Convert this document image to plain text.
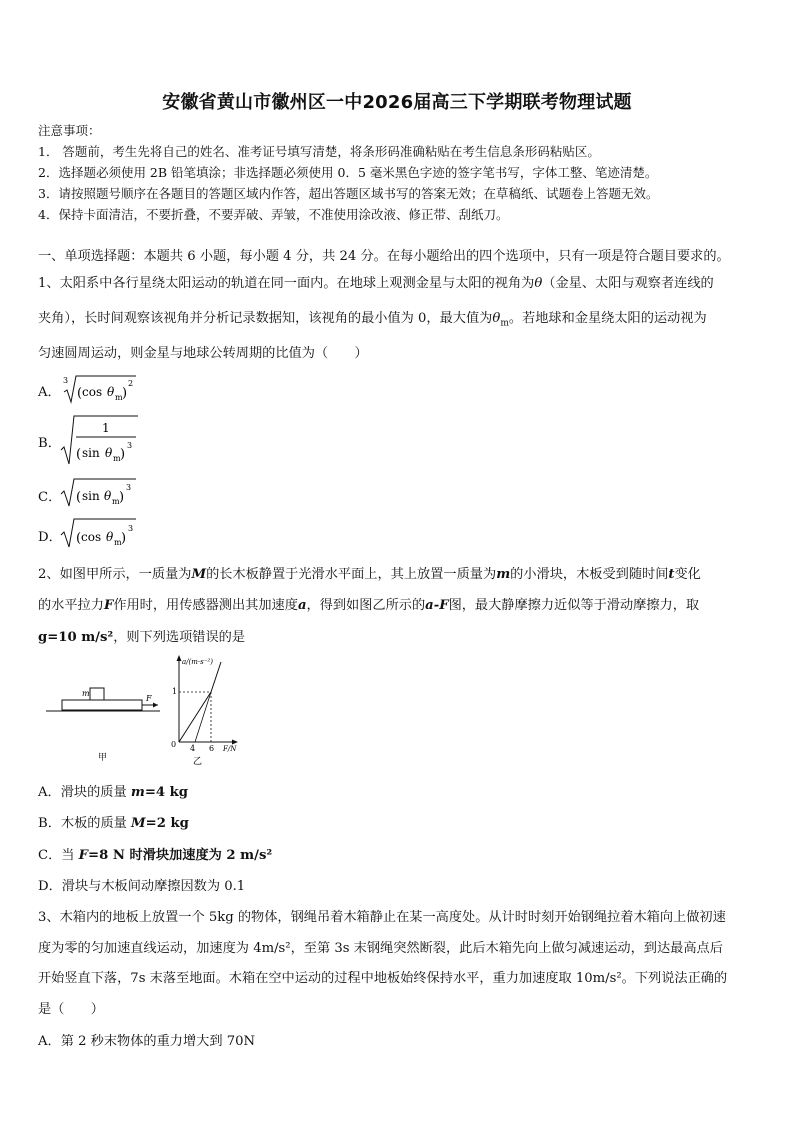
安徽省黄山市徽州区一中2026届高三下学期联考物理试题
注意事项：
1． 答题前，考生先将自己的姓名、准考证号填写清楚，将条形码准确粘贴在考生信息条形码粘贴区。
2．选择题必须使用 2B 铅笔填涂；非选择题必须使用 0．5 毫米黑色字迹的签字笔书写，字体工整、笔迹清楚。
3．请按照题号顺序在各题目的答题区域内作答，超出答题区域书写的答案无效；在草稿纸、试题卷上答题无效。
4．保持卡面清洁，不要折叠，不要弄破、弄皱，不准使用涂改液、修正带、刮纸刀。
一、单项选择题：本题共 6 小题，每小题 4 分，共 24 分。在每小题给出的四个选项中，只有一项是符合题目要求的。
1、太阳系中各行星绕太阳运动的轨道在同一面内。在地球上观测金星与太阳的视角为θ（金星、太阳与观察者连线的
夹角），长时间观察该视角并分析记录数据知，该视角的最小值为 0，最大值为$\theta_m$。若地球和金星绕太阳的运动视为
匀速圆周运动，则金星与地球公转周期的比值为（　　）
A．
3
( cos θ m )
2
B．
1
( sin θ m )
3
C． ( sin θ m )
3
D． ( cos θ m )
3
2、如图甲所示，一质量为M的长木板静置于光滑水平面上，其上放置一质量为m的小滑块，木板受到随时间t变化
的水平拉力F作用时，用传感器测出其加速度a，得到如图乙所示的a-F图，最大静摩擦力近似等于滑动摩擦力，取
g=10 m/s²，则下列选项错误的是
m
F
甲
a/(m·s⁻²)
F/N
0
1
4 6
乙
A．滑块的质量 m=4 kg
B．木板的质量 M=2 kg
C．当 F=8 N 时滑块加速度为 2 m/s²
D．滑块与木板间动摩擦因数为 0.1
3、木箱内的地板上放置一个 5kg 的物体，钢绳吊着木箱静止在某一高度处。从计时时刻开始钢绳拉着木箱向上做初速
度为零的匀加速直线运动，加速度为 4m/s²，至第 3s 末钢绳突然断裂，此后木箱先向上做匀减速运动，到达最高点后
开始竖直下落，7s 末落至地面。木箱在空中运动的过程中地板始终保持水平，重力加速度取 10m/s²。下列说法正确的
是（　　）
A．第 2 秒末物体的重力增大到 70N
